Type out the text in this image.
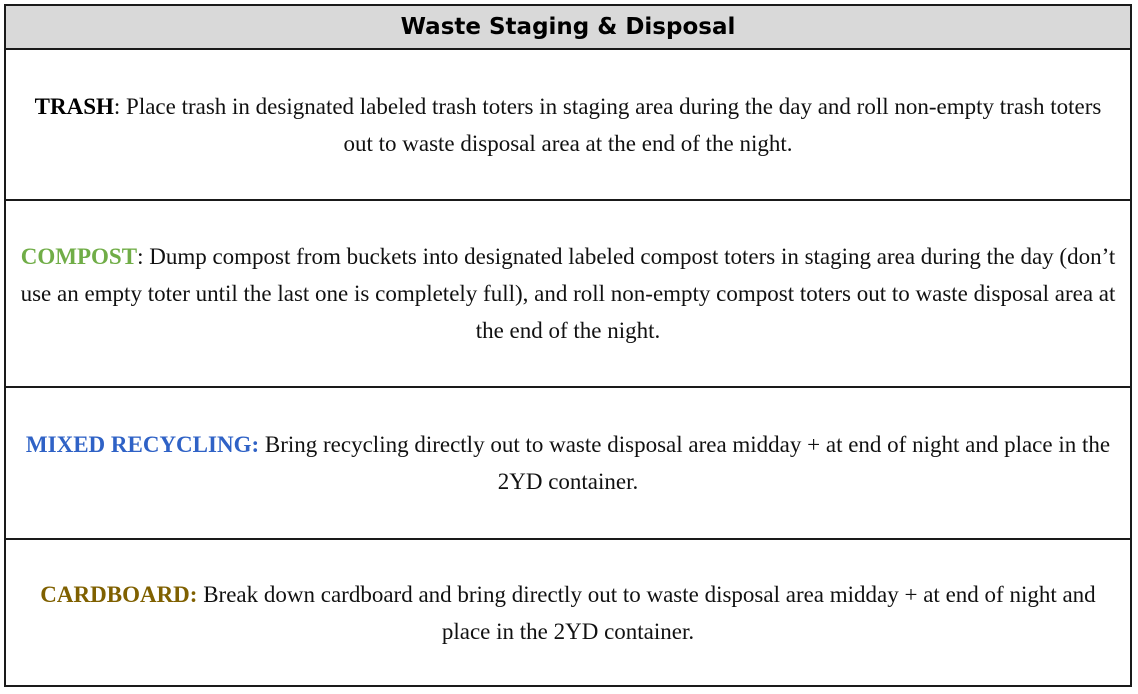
Waste Staging & Disposal
TRASH: Place trash in designated labeled trash toters in staging area during the day and roll non-empty trash toters out to waste disposal area at the end of the night.
COMPOST: Dump compost from buckets into designated labeled compost toters in staging area during the day (don’t use an empty toter until the last one is completely full), and roll non-empty compost toters out to waste disposal area at the end of the night.
MIXED RECYCLING: Bring recycling directly out to waste disposal area midday + at end of night and place in the 2YD container.
CARDBOARD: Break down cardboard and bring directly out to waste disposal area midday + at end of night and place in the 2YD container.
